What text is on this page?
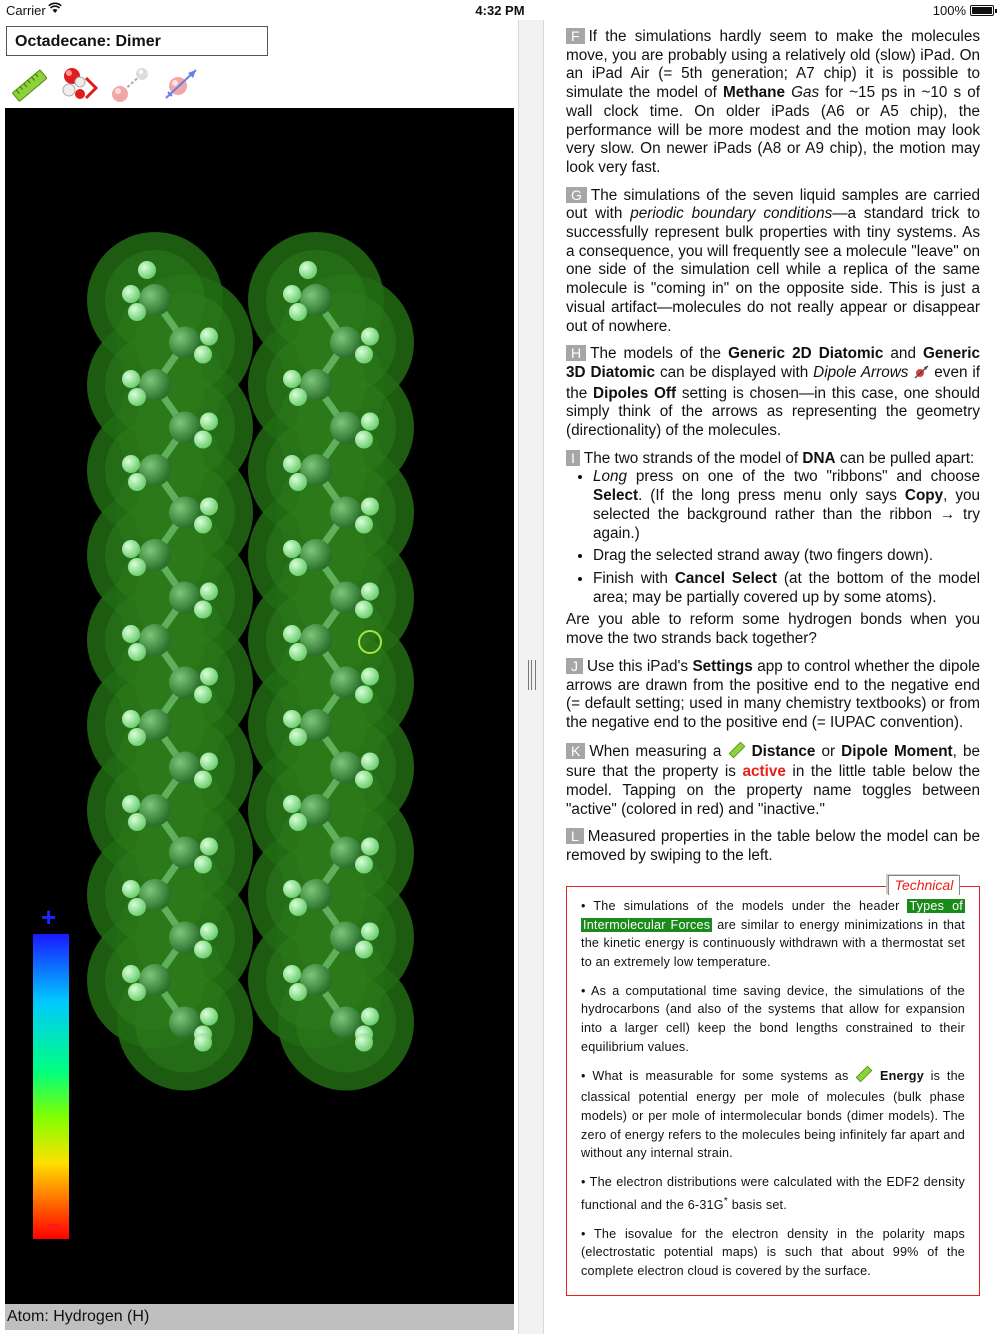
Carrier	4:32 PM	100%
Octadecane: Dimer
+
Atom: Hydrogen (H)

F If the simulations hardly seem to make the molecules move, you are probably using a relatively old (slow) iPad. On an iPad Air (= 5th generation; A7 chip) it is possible to simulate the model of Methane Gas for ~15 ps in ~10 s of wall clock time. On older iPads (A6 or A5 chip), the performance will be more modest and the motion may look very slow. On newer iPads (A8 or A9 chip), the motion may look very fast.

G The simulations of the seven liquid samples are carried out with periodic boundary conditions—a standard trick to successfully represent bulk properties with tiny systems. As a consequence, you will frequently see a molecule "leave" on one side of the simulation cell while a replica of the same molecule is "coming in" on the opposite side. This is just a visual artifact—molecules do not really appear or disappear out of nowhere.

H The models of the Generic 2D Diatomic and Generic 3D Diatomic can be displayed with Dipole Arrows  even if the Dipoles Off setting is chosen—in this case, one should simply think of the arrows as representing the geometry (directionality) of the molecules.

I The two strands of the model of DNA can be pulled apart:

• Long press on one of the two "ribbons" and choose Select. (If the long press menu only says Copy, you selected the background rather than the ribbon → try again.)
• Drag the selected strand away (two fingers down).
• Finish with Cancel Select (at the bottom of the model area; may be partially covered up by some atoms).

Are you able to reform some hydrogen bonds when you move the two strands back together?

J Use this iPad's Settings app to control whether the dipole arrows are drawn from the positive end to the negative end (= default setting; used in many chemistry textbooks) or from the negative end to the positive end (= IUPAC convention).

K When measuring a  Distance or Dipole Moment, be sure that the property is active in the little table below the model. Tapping on the property name toggles between "active" (colored in red) and "inactive."

L Measured properties in the table below the model can be removed by swiping to the left.

Technical

• The simulations of the models under the header Types of Intermolecular Forces are similar to energy minimizations in that the kinetic energy is continuously withdrawn with a thermostat set to an extremely low temperature.

• As a computational time saving device, the simulations of the hydrocarbons (and also of the systems that allow for expansion into a larger cell) keep the bond lengths constrained to their equilibrium values.

• What is measurable for some systems as  Energy is the classical potential energy per mole of molecules (bulk phase models) or per mole of intermolecular bonds (dimer models). The zero of energy refers to the molecules being infinitely far apart and without any internal strain.

• The electron distributions were calculated with the EDF2 density functional and the 6-31G* basis set.

• The isovalue for the electron density in the polarity maps (electrostatic potential maps) is such that about 99% of the complete electron cloud is covered by the surface.
